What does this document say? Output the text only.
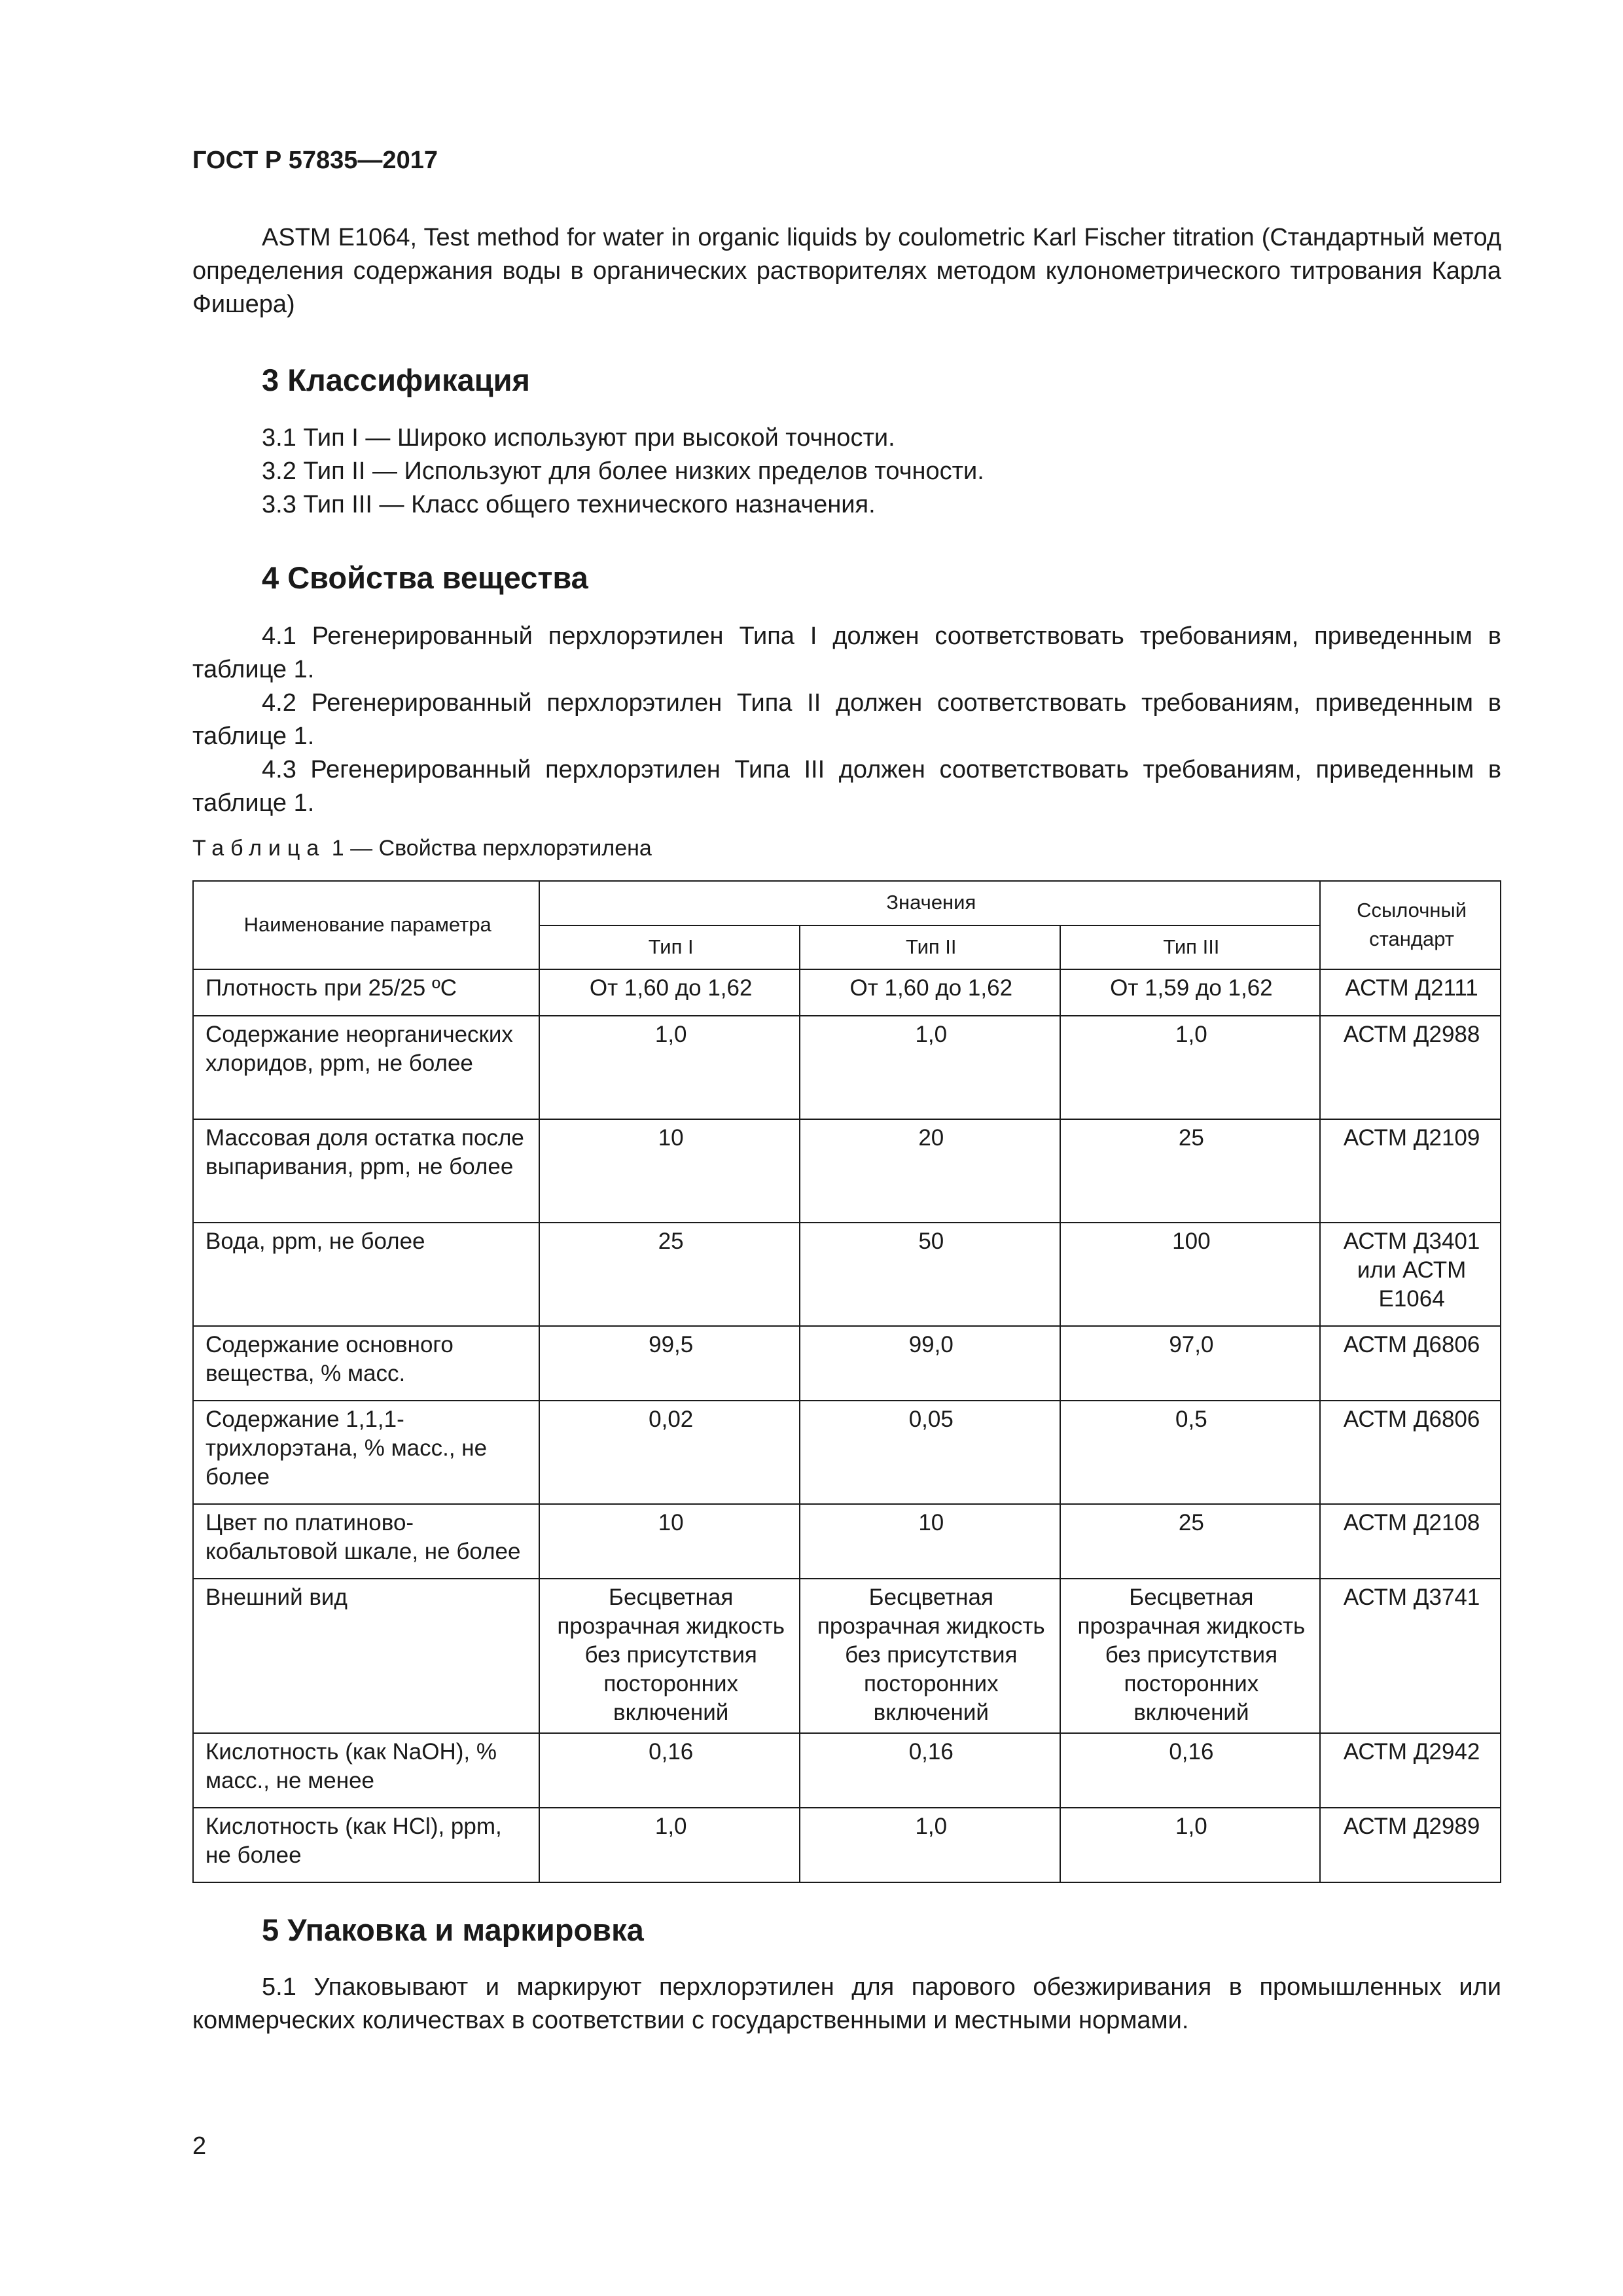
ГОСТ Р 57835—2017

ASTM E1064, Test method for water in organic liquids by coulometric Karl Fischer titration (Стандартный метод определения содержания воды в органических растворителях методом кулонометрического титрования Карла Фишера)

3 Классификация

3.1 Тип I — Широко используют при высокой точности.

3.2 Тип II — Используют для более низких пределов точности.

3.3 Тип III — Класс общего технического назначения.

4 Свойства вещества

4.1 Регенерированный перхлорэтилен Типа I должен соответствовать требованиям, приведенным в таблице 1.

4.2 Регенерированный перхлорэтилен Типа II должен соответствовать требованиям, приведенным в таблице 1.

4.3 Регенерированный перхлорэтилен Типа III должен соответствовать требованиям, приведенным в таблице 1.

Таблица 1 — Свойства перхлорэтилена
Наименование параметра	Значения			Ссылочный стандарт
	Тип I	Тип II	Тип III	
Плотность при 25/25 ºС	От 1,60 до 1,62	От 1,60 до 1,62	От 1,59 до 1,62	АСТМ Д2111
Содержание неорганических хлоридов, ppm, не более	1,0	1,0	1,0	АСТМ Д2988
Массовая доля остатка после выпаривания, ppm, не более	10	20	25	АСТМ Д2109
Вода, ppm, не более	25	50	100	АСТМ Д3401 или АСТМ E1064
Содержание основного вещества, % масс.	99,5	99,0	97,0	АСТМ Д6806
Содержание 1,1,1-трихлорэтана, % масс., не более	0,02	0,05	0,5	АСТМ Д6806
Цвет по платиново-кобальтовой шкале, не более	10	10	25	АСТМ Д2108
Внешний вид	Бесцветная прозрачная жидкость без присутствия посторонних включений	Бесцветная прозрачная жидкость без присутствия посторонних включений	Бесцветная прозрачная жидкость без присутствия посторонних включений	АСТМ Д3741
Кислотность (как NaOH), % масс., не менее	0,16	0,16	0,16	АСТМ Д2942
Кислотность (как HCl), ppm, не более	1,0	1,0	1,0	АСТМ Д2989
5 Упаковка и маркировка

5.1 Упаковывают и маркируют перхлорэтилен для парового обезжиривания в промышленных или коммерческих количествах в соответствии с государственными и местными нормами.

2
